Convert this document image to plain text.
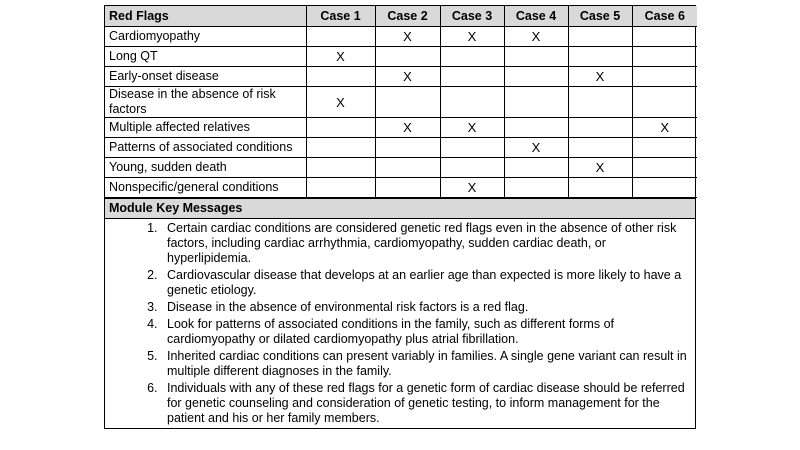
Red Flags	Case 1	Case 2	Case 3	Case 4	Case 5	Case 6
Cardiomyopathy		X	X	X		
Long QT	X					
Early-onset disease		X			X	
Disease in the absence of risk factors	X					
Multiple affected relatives		X	X			X
Patterns of associated conditions				X		
Young, sudden death					X	
Nonspecific/general conditions			X			
Module Key Messages
1. Certain cardiac conditions are considered genetic red flags even in the absence of other risk factors, including cardiac arrhythmia, cardiomyopathy, sudden cardiac death, or hyperlipidemia.
2. Cardiovascular disease that develops at an earlier age than expected is more likely to have a genetic etiology.
3. Disease in the absence of environmental risk factors is a red flag.
4. Look for patterns of associated conditions in the family, such as different forms of cardiomyopathy or dilated cardiomyopathy plus atrial fibrillation.
5. Inherited cardiac conditions can present variably in families. A single gene variant can result in multiple different diagnoses in the family.
6. Individuals with any of these red flags for a genetic form of cardiac disease should be referred for genetic counseling and consideration of genetic testing, to inform management for the patient and his or her family members.
